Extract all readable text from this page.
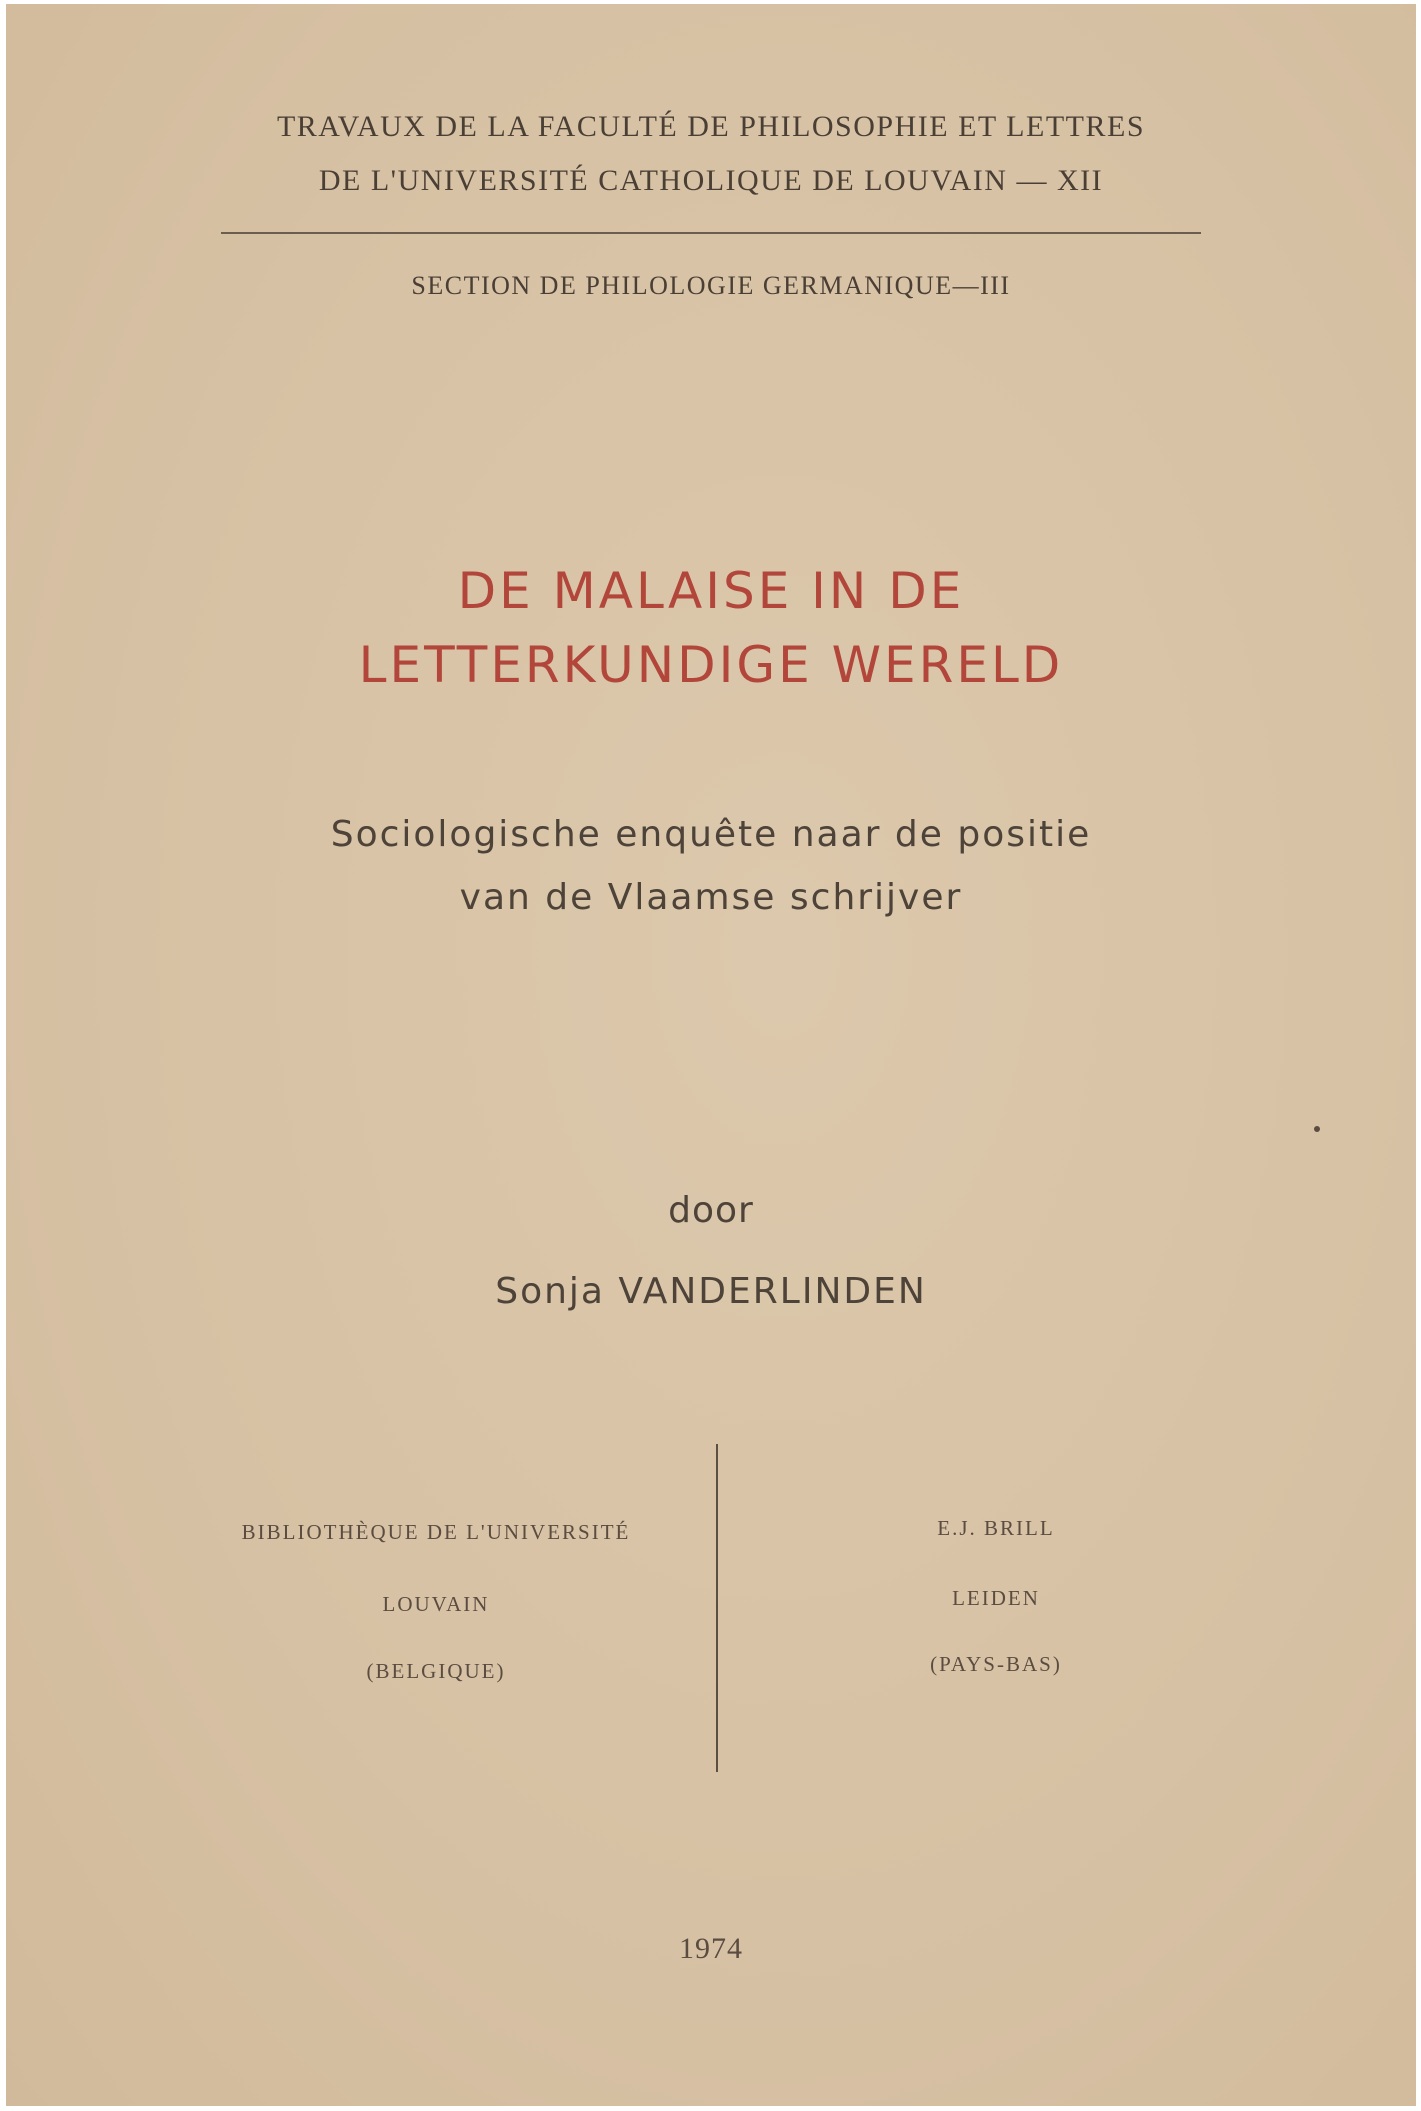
TRAVAUX DE LA FACULTÉ DE PHILOSOPHIE ET LETTRES
DE L'UNIVERSITÉ CATHOLIQUE DE LOUVAIN — XII
SECTION DE PHILOLOGIE GERMANIQUE—III
DE MALAISE IN DE
LETTERKUNDIGE WERELD
Sociologische enquête naar de positie
van de Vlaamse schrijver
door
Sonja VANDERLINDEN
BIBLIOTHÈQUE DE L'UNIVERSITÉ
LOUVAIN
(BELGIQUE)
E.J. BRILL
LEIDEN
(PAYS-BAS)
1974
